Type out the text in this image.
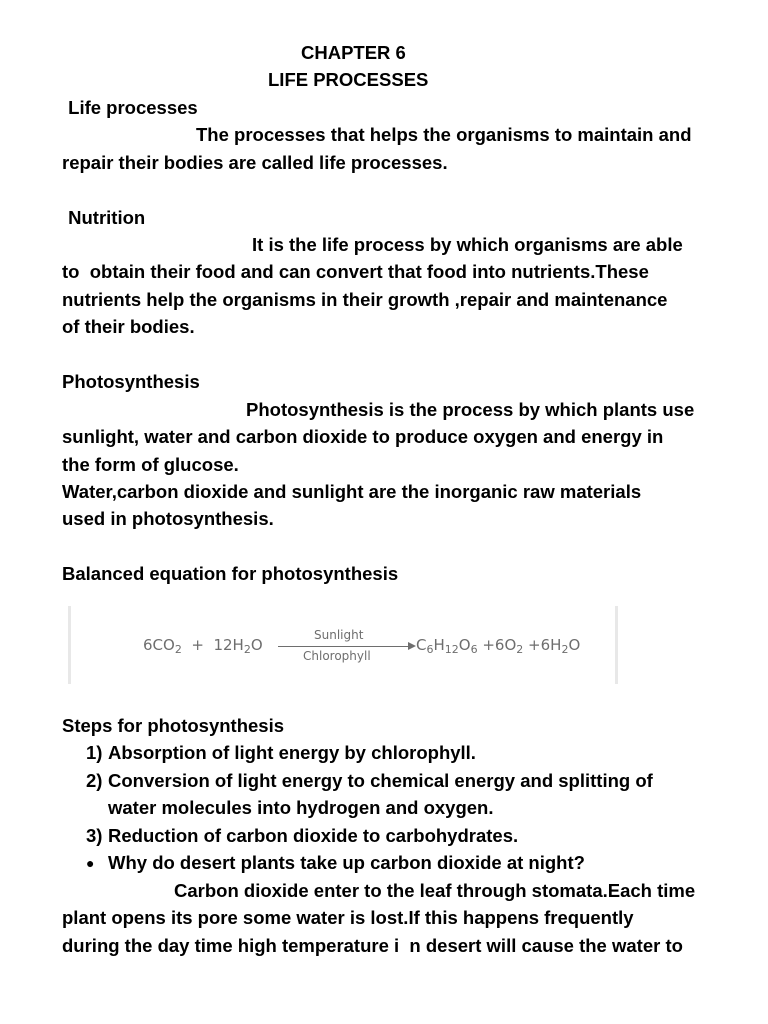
CHAPTER 6
LIFE PROCESSES
Life processes
The processes that helps the organisms to maintain and
repair their bodies are called life processes.
Nutrition
It is the life process by which organisms are able
to  obtain their food and can convert that food into nutrients.These
nutrients help the organisms in their growth ,repair and maintenance
of their bodies.
Photosynthesis
Photosynthesis is the process by which plants use
sunlight, water and carbon dioxide to produce oxygen and energy in
the form of glucose.
Water,carbon dioxide and sunlight are the inorganic raw materials
used in photosynthesis.
Balanced equation for photosynthesis
$6CO_2 + 12H_2O$
Sunlight
Chlorophyll
$C_6H_{12}O_6 +6O_2 +6H_2O$
Steps for photosynthesis
1) Absorption of light energy by chlorophyll.
2) Conversion of light energy to chemical energy and splitting of
water molecules into hydrogen and oxygen.
3) Reduction of carbon dioxide to carbohydrates.
● Why do desert plants take up carbon dioxide at night?
Carbon dioxide enter to the leaf through stomata.Each time
plant opens its pore some water is lost.If this happens frequently
during the day time high temperature i  n desert will cause the water to
